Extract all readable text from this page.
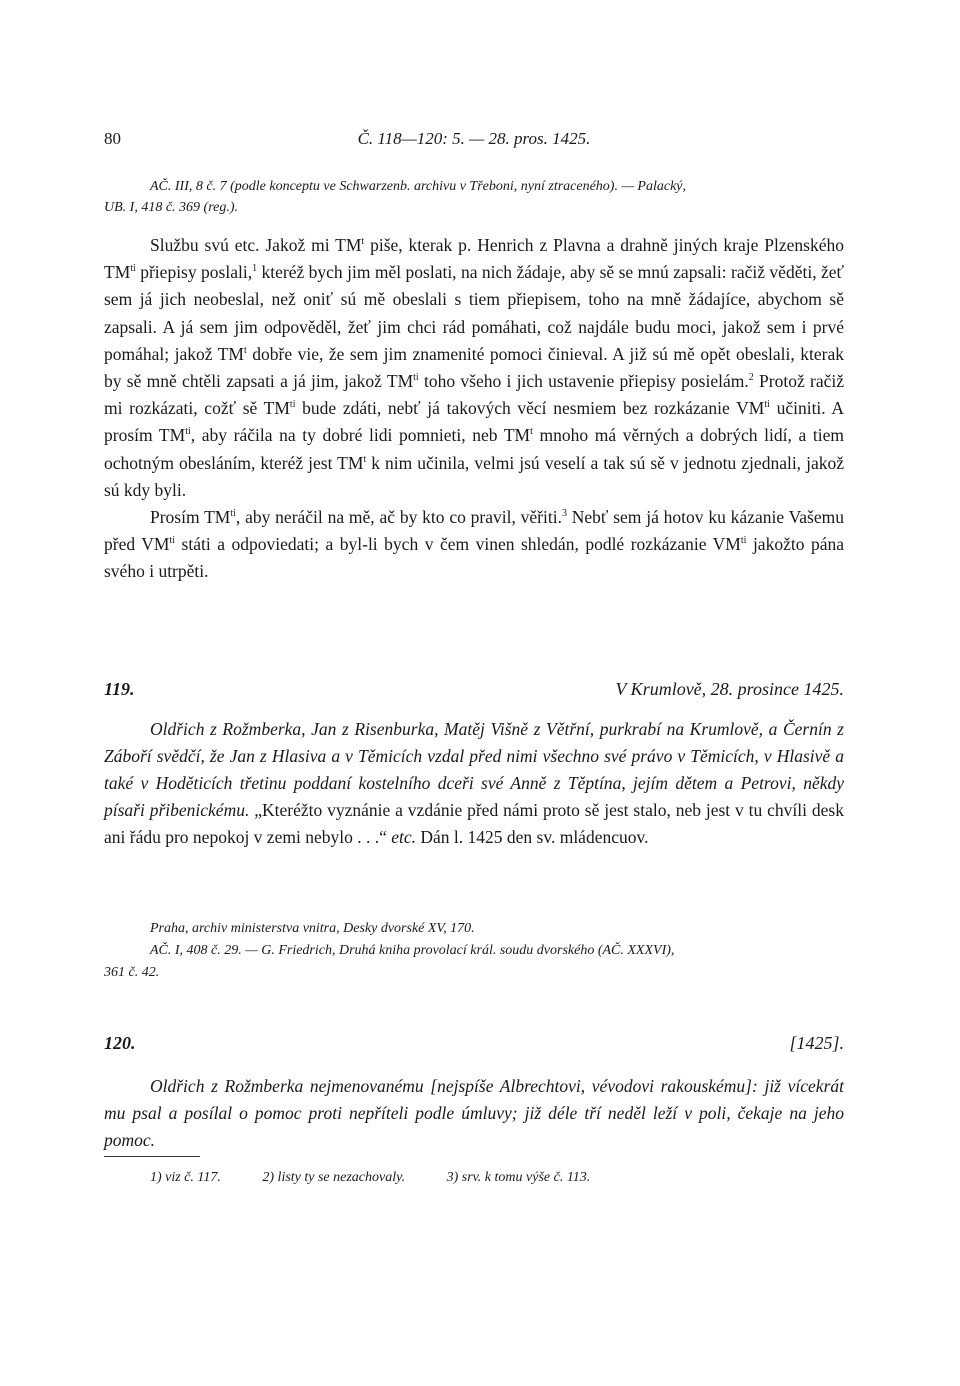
80	Č. 118—120: 5. — 28. pros. 1425.
AČ. III, 8 č. 7 (podle konceptu ve Schwarzenb. archivu v Třeboni, nyní ztraceného). — Palacký,
UB. I, 418 č. 369 (reg.).

Službu svú etc. Jakož mi $TM^t$ piše, kterak p. Henrich z Plavna a drahně jiných kraje Plzenského $TM^{ti}$ přiepisy poslali,$^1$ kteréž bych jim měl poslati, na nich žádaje, aby sě se mnú zapsali: račiž věděti, žeť sem já jich neobeslal, než oniť sú mě obeslali s tiem přiepisem, toho na mně žádajíce, abychom sě zapsali. A já sem jim odpověděl, žeť jim chci rád pomáhati, což najdále budu moci, jakož sem i prvé pomáhal; jakož $TM^t$ dobře vie, že sem jim znamenité pomoci činieval. A již sú mě opět obeslali, kterak by sě mně chtěli zapsati a já jim, jakož $TM^{ti}$ toho všeho i jich ustavenie přiepisy posielám.$^2$ Protož račiž mi rozkázati, cožť sě $TM^{ti}$ bude zdáti, nebť já takových věcí nesmiem bez rozkázanie $VM^{ti}$ učiniti. A prosím $TM^{ti}$, aby ráčila na ty dobré lidi pomnieti, neb $TM^t$ mnoho má věrných a dobrých lidí, a tiem ochotným obesláním, kteréž jest $TM^t$ k nim učinila, velmi jsú veselí a tak sú sě v jednotu zjednali, jakož sú kdy byli.

Prosím $TM^{ti}$, aby neráčil na mě, ač by kto co pravil, věřiti.$^3$ Nebť sem já hotov ku kázanie Vašemu před $VM^{ti}$ státi a odpoviedati; a byl-li bych v čem vinen shledán, podlé rozkázanie $VM^{ti}$ jakožto pána svého i utrpěti.

119.	V Krumlově, 28. prosince 1425.
Oldřich z Rožmberka, Jan z Risenburka, Matěj Višně z Větřní, purkrabí na Krumlově, a Černín z Záboří svědčí, že Jan z Hlasiva a v Těmicích vzdal před nimi všechno své právo v Těmicích, v Hlasivě a také v Hoděticích třetinu poddaní kostelního dceři své Anně z Těptína, jejím dětem a Petrovi, někdy písaři přibenickému. „Kteréžto vyznánie a vzdánie před námi proto sě jest stalo, neb jest v tu chvíli desk ani řádu pro nepokoj v zemi nebylo . . .“ etc. Dán l. 1425 den sv. mládencuov.
Praha, archiv ministerstva vnitra, Desky dvorské XV, 170.
AČ. I, 408 č. 29. — G. Friedrich, Druhá kniha provolací král. soudu dvorského (AČ. XXXVI),
361 č. 42.
120.	[1425].
Oldřich z Rožmberka nejmenovanému [nejspíše Albrechtovi, vévodovi rakouskému]: již vícekrát mu psal a posílal o pomoc proti nepříteli podle úmluvy; již déle tří neděl leží v poli, čekaje na jeho pomoc.
1) viz č. 117.	2) listy ty se nezachovaly.	3) srv. k tomu výše č. 113.
